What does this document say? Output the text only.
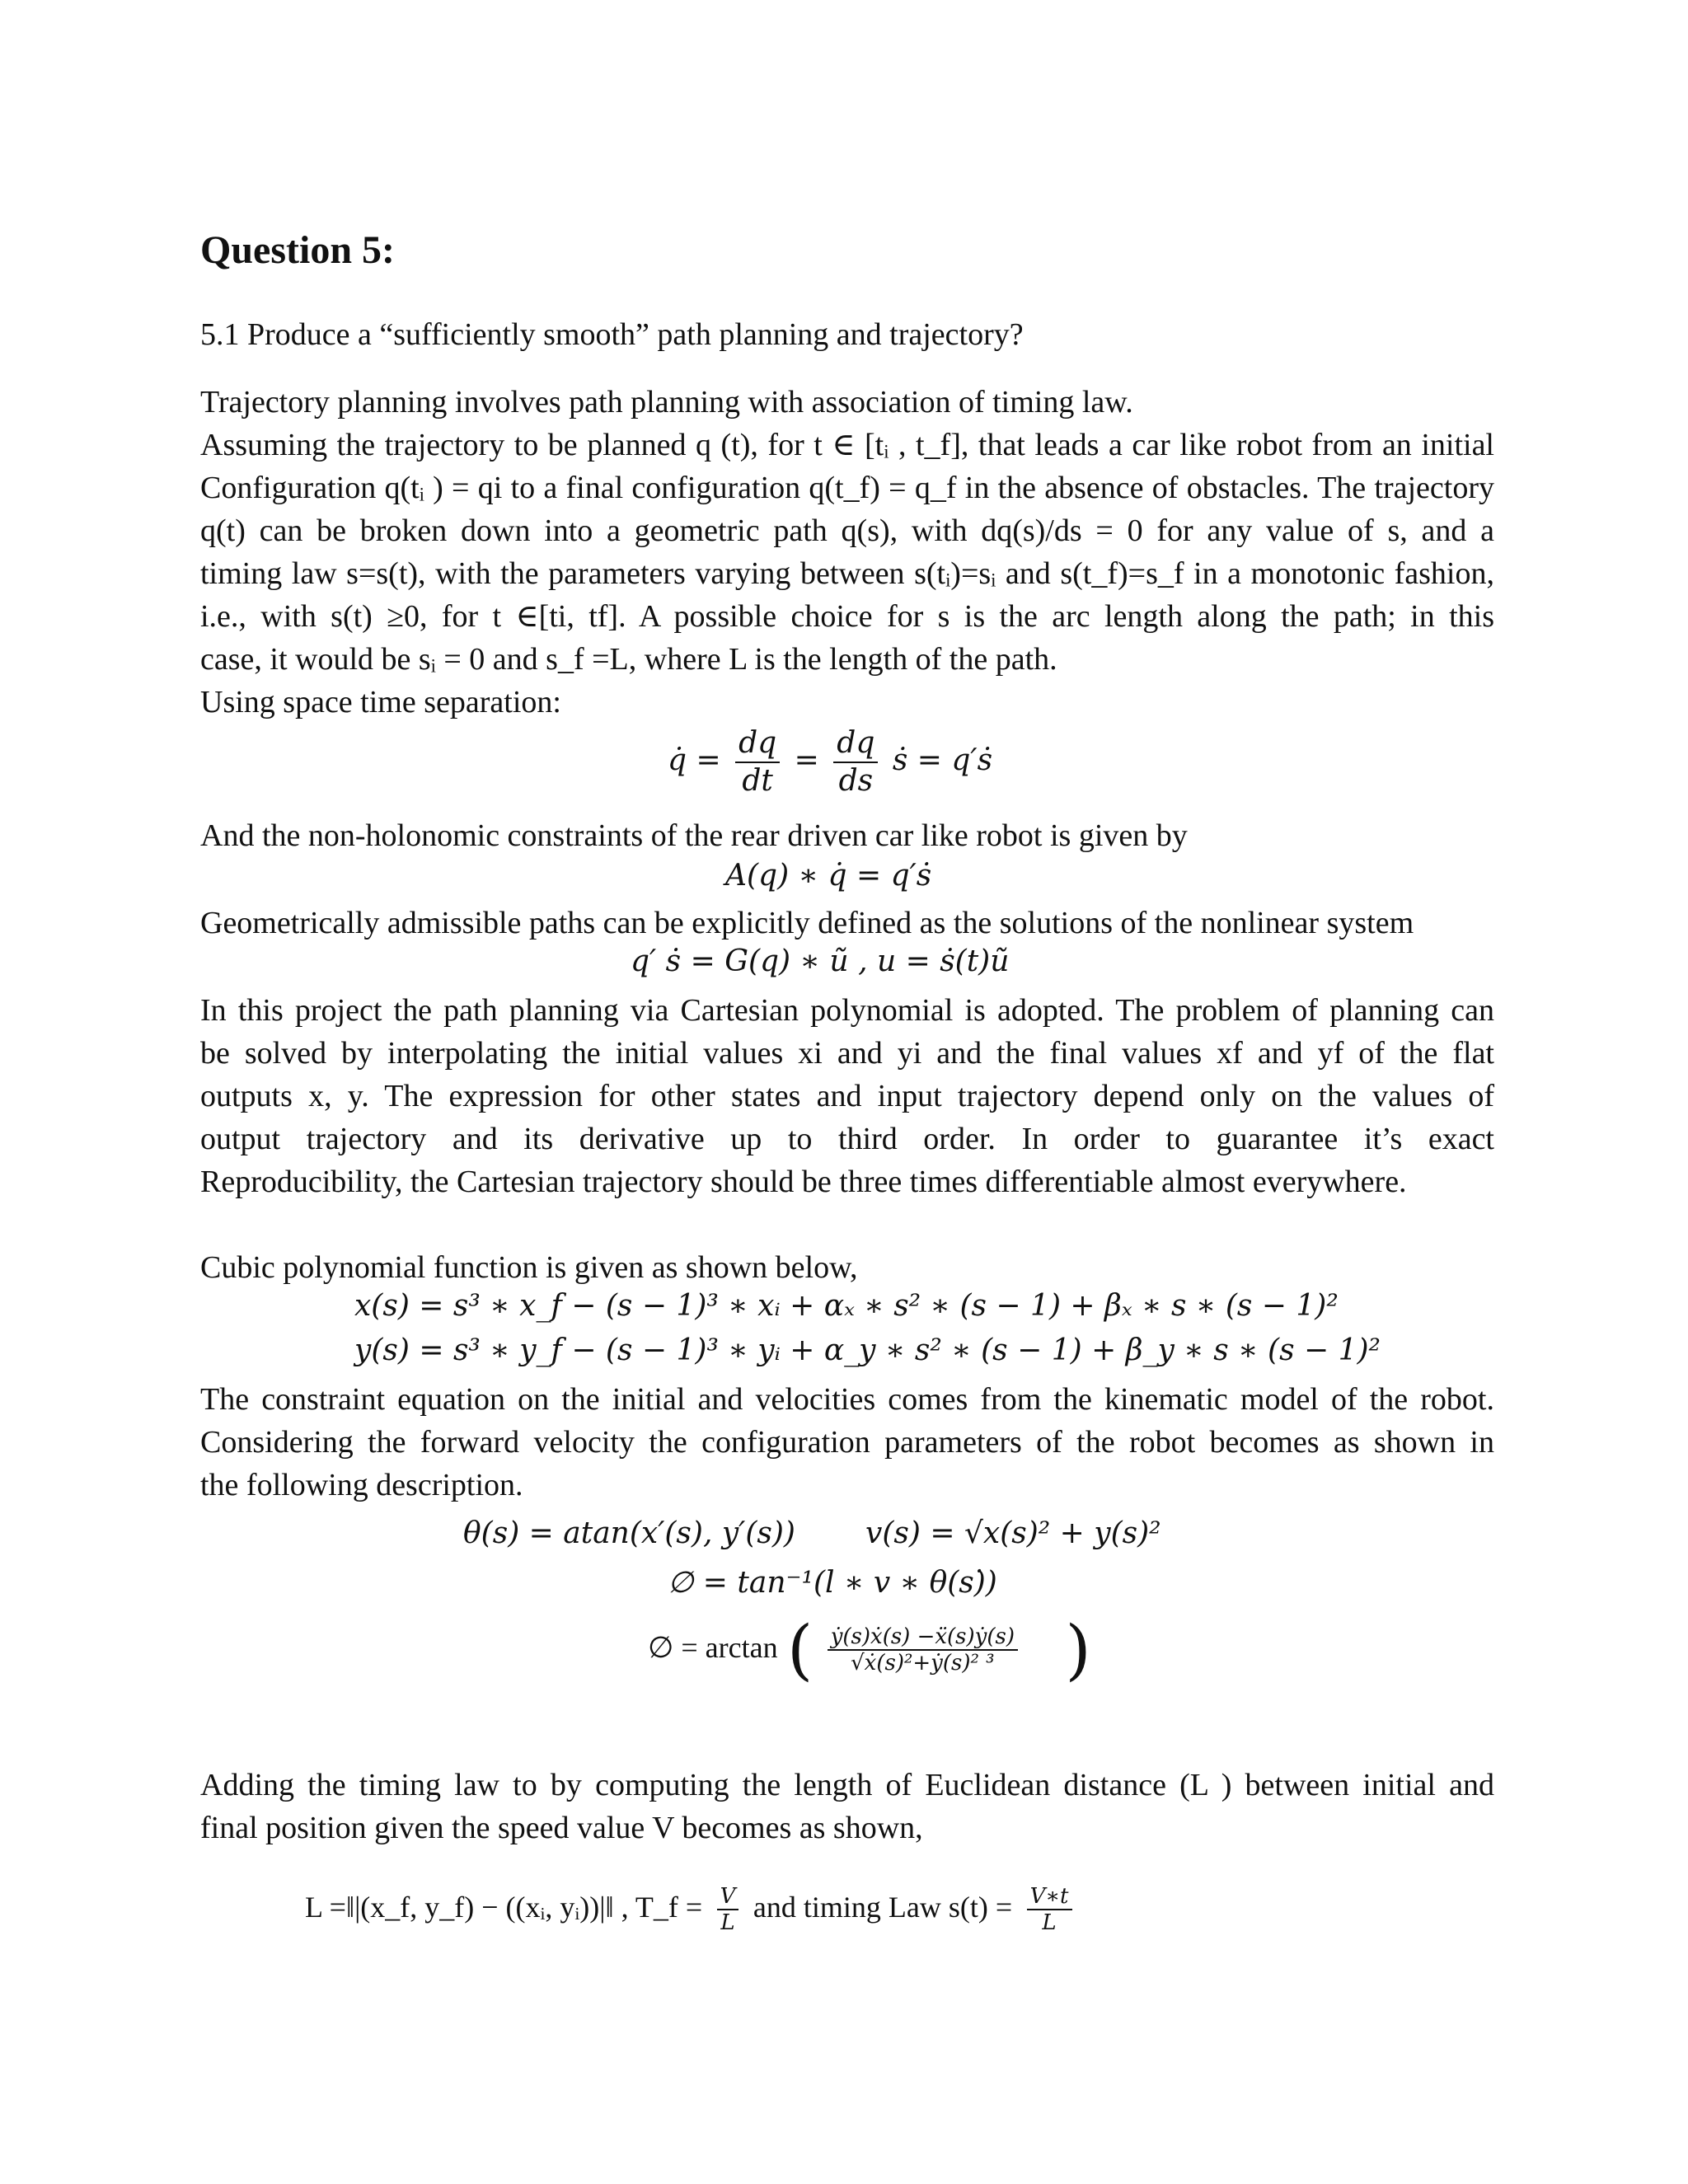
Question 5:
5.1 Produce a “sufficiently smooth” path planning and trajectory?
Trajectory planning involves path planning with association of timing law.
Assuming the trajectory to be planned q (t), for t ∈ [tᵢ , t_f], that leads a car like robot from an initial
Configuration q(tᵢ ) = qi to a final configuration q(t_f) = q_f in the absence of obstacles. The trajectory
q(t) can be broken down into a geometric path q(s), with dq(s)/ds = 0 for any value of s, and a
timing law s=s(t), with the parameters varying between s(tᵢ)=sᵢ and s(t_f)=s_f in a monotonic fashion,
i.e., with s(t) ≥0, for t ∈[ti, tf]. A possible choice for s is the arc length along the path; in this
case, it would be sᵢ = 0 and s_f =L, where L is the length of the path.
Using space time separation:
q̇ = $\frac{dq}{dt} = \frac{dq}{ds}$ ṡ = q′ṡ
And the non-holonomic constraints of the rear driven car like robot is given by
A(q) ∗ q̇ = q′ṡ
Geometrically admissible paths can be explicitly defined as the solutions of the nonlinear system
q′ ṡ = G(q) ∗ ũ , u = ṡ(t)ũ
In this project the path planning via Cartesian polynomial is adopted. The problem of planning can
be solved by interpolating the initial values xi and yi and the final values xf and yf of the flat
outputs x, y. The expression for other states and input trajectory depend only on the values of
output trajectory and its derivative up to third order. In order to guarantee it’s exact
Reproducibility, the Cartesian trajectory should be three times differentiable almost everywhere.
Cubic polynomial function is given as shown below,
x(s) = s³ ∗ x_f − (s − 1)³ ∗ xᵢ + αₓ ∗ s² ∗ (s − 1) + βₓ ∗ s ∗ (s − 1)²
y(s) = s³ ∗ y_f − (s − 1)³ ∗ yᵢ + α_y ∗ s² ∗ (s − 1) + β_y ∗ s ∗ (s − 1)²
The constraint equation on the initial and velocities comes from the kinematic model of the robot.
Considering the forward velocity the configuration parameters of the robot becomes as shown in
the following description.
θ(s) = atan(x′(s), y′(s)) v(s) = √x(s)² + y(s)²
∅ = tan⁻¹(l ∗ v ∗ θ(s)̇)
∅ = arctan ( $\frac{\text{ẏ(s)ẋ(s) −ẍ(s)ẏ(s)}}{\text{√ẋ(s)²+ẏ(s)² ³}}$ )
Adding the timing law to by computing the length of Euclidean distance (L ) between initial and
final position given the speed value V becomes as shown,
L =‖|(x_f, y_f) − ((xᵢ, yᵢ))|‖ , T_f = $\frac{V}{L}$ and timing Law $s(t) = \frac{V∗t}{L}$
